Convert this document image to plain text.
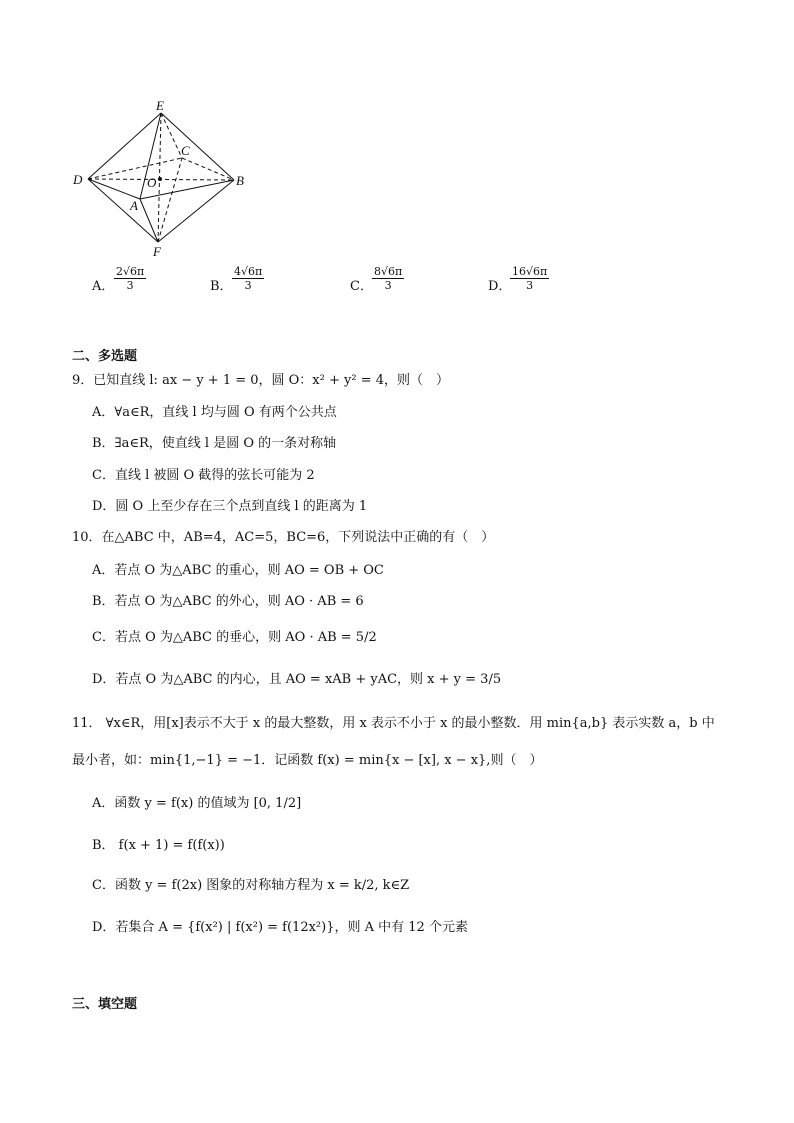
E
C
D	O	B
A
F
A． $\frac{2√6\pi}{3}$	B． $\frac{4√6\pi}{3}$	C． $\frac{8√6\pi}{3}$	D．
$\frac{16√6\pi}{3}$
二、多选题
9．已知直线 l: ax − y + 1 = 0，圆 O：x² + y² = 4，则（　）
A．∀a∈R，直线 l 均与圆 O 有两个公共点
B．∃a∈R，使直线 l 是圆 O 的一条对称轴
C．直线 l 被圆 O 截得的弦长可能为 2
D．圆 O 上至少存在三个点到直线 l 的距离为 1
10．在△ABC 中，AB=4，AC=5，BC=6，下列说法中正确的有（　）
A．若点 O 为△ABC 的重心，则 AO = OB + OC
B．若点 O 为△ABC 的外心，则 AO · AB = 6
C．若点 O 为△ABC 的垂心，则 AO · AB = 5/2
D．若点 O 为△ABC 的内心，且 AO = xAB + yAC，则 x + y = 3/5
11． ∀x∈R，用[x]表示不大于 x 的最大整数，用 x 表示不小于 x 的最小整数．用 min{a,b} 表示实数 a，b 中
最小者，如：min{1,−1} = −1．记函数 f(x) = min{x − [x], x − x},则（　）
A．函数 y = f(x) 的值域为 [0, 1/2]
B． f(x + 1) = f(f(x))
C．函数 y = f(2x) 图象的对称轴方程为 x = k/2, k∈Z
D．若集合 A = {f(x²) | f(x²) = f(12x²)}，则 A 中有 12 个元素
三、填空题
